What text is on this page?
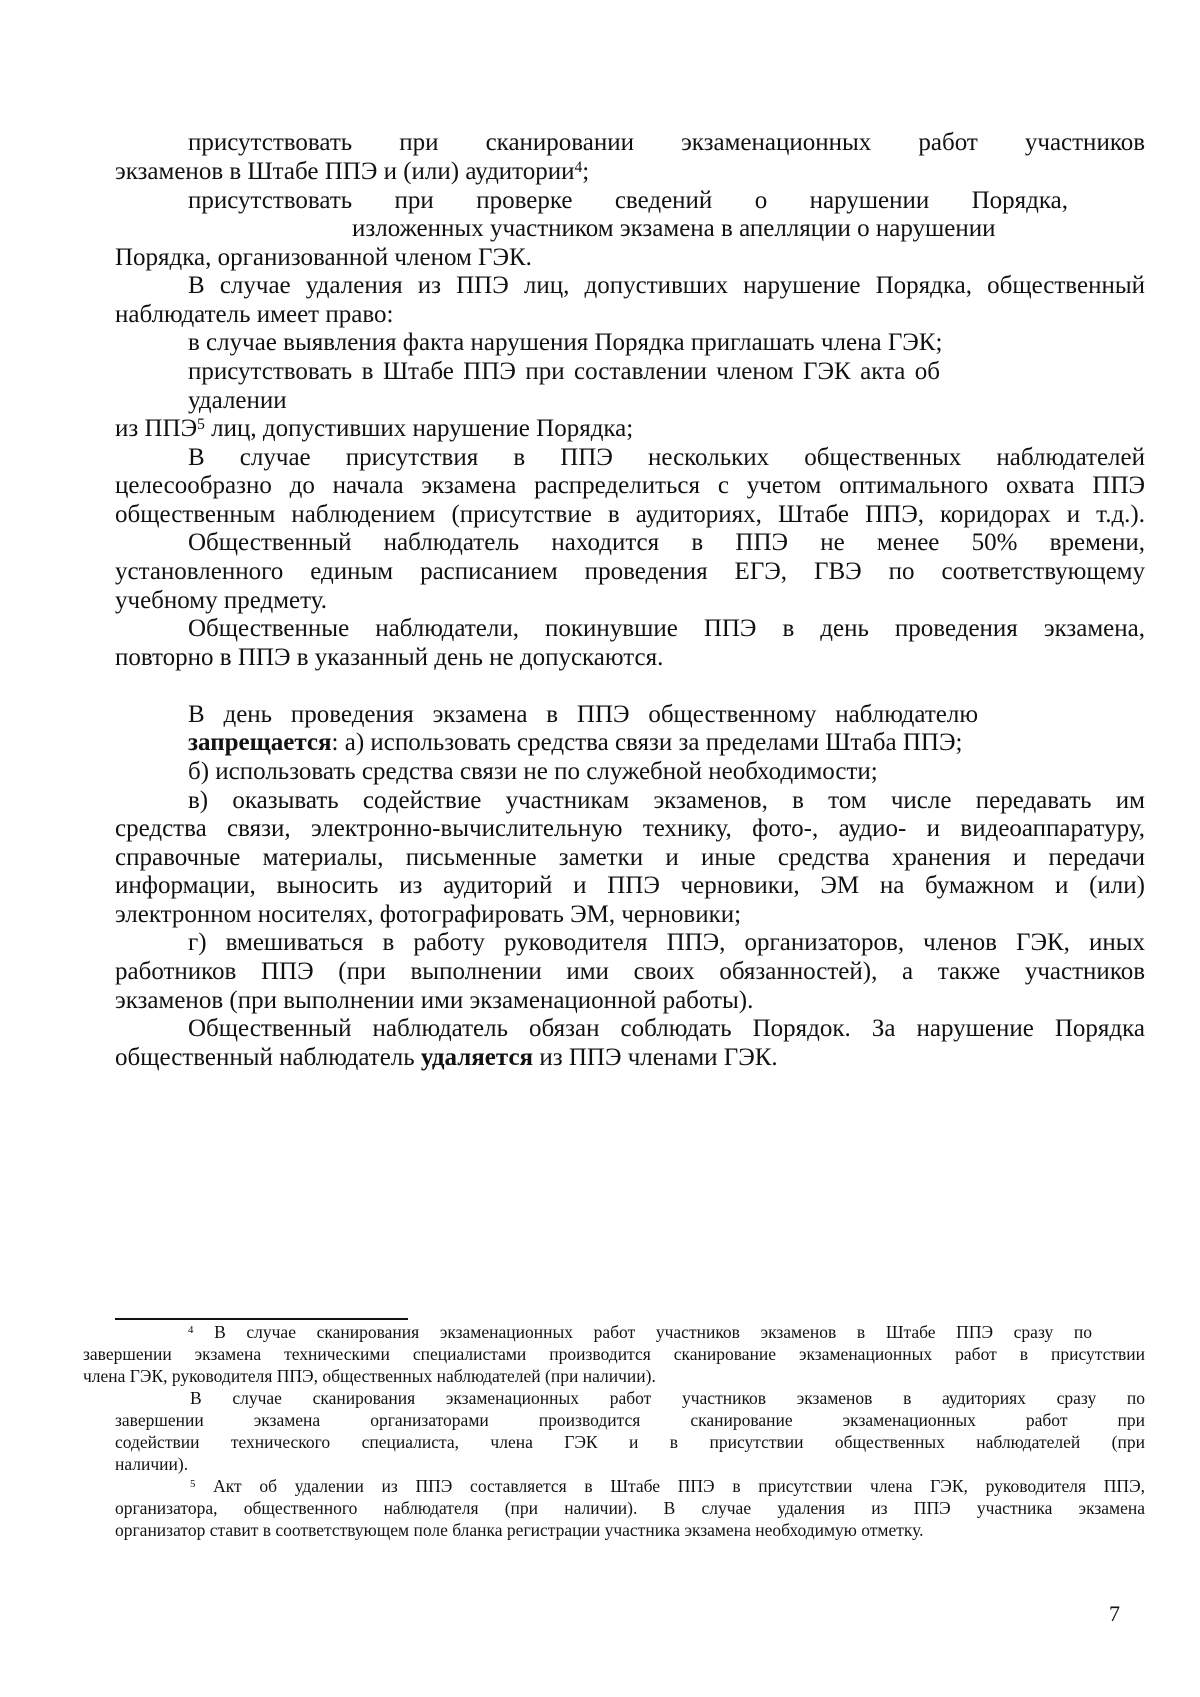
присутствовать при сканировании экзаменационных работ участников
экзаменов в Штабе ППЭ и (или) аудитории$^4$;
присутствовать при проверке сведений о нарушении Порядка,
изложенных участником экзамена в апелляции о нарушении
Порядка, организованной членом ГЭК.
В случае удаления из ППЭ лиц, допустивших нарушение Порядка, общественный
наблюдатель имеет право:
в случае выявления факта нарушения Порядка приглашать члена ГЭК;
присутствовать в Штабе ППЭ при составлении членом ГЭК акта об
удалении
из ППЭ$^5$ лиц, допустивших нарушение Порядка;
В случае присутствия в ППЭ нескольких общественных наблюдателей
целесообразно до начала экзамена распределиться с учетом оптимального охвата ППЭ
общественным наблюдением (присутствие в аудиториях, Штабе ППЭ, коридорах и т.д.).
Общественный наблюдатель находится в ППЭ не менее 50% времени,
установленного единым расписанием проведения ЕГЭ, ГВЭ по соответствующему
учебному предмету.
Общественные наблюдатели, покинувшие ППЭ в день проведения экзамена,
повторно в ППЭ в указанный день не допускаются.
В день проведения экзамена в ППЭ общественному наблюдателю
запрещается: а) использовать средства связи за пределами Штаба ППЭ;
б) использовать средства связи не по служебной необходимости;
в) оказывать содействие участникам экзаменов, в том числе передавать им
средства связи, электронно-вычислительную технику, фото-, аудио- и видеоаппаратуру,
справочные материалы, письменные заметки и иные средства хранения и передачи
информации, выносить из аудиторий и ППЭ черновики, ЭМ на бумажном и (или)
электронном носителях, фотографировать ЭМ, черновики;
г) вмешиваться в работу руководителя ППЭ, организаторов, членов ГЭК, иных
работников ППЭ (при выполнении ими своих обязанностей), а также участников
экзаменов (при выполнении ими экзаменационной работы).
Общественный наблюдатель обязан соблюдать Порядок. За нарушение Порядка
общественный наблюдатель удаляется из ППЭ членами ГЭК.
$^4$ В случае сканирования экзаменационных работ участников экзаменов в Штабе ППЭ сразу по
завершении экзамена техническими специалистами производится сканирование экзаменационных работ в присутствии
члена ГЭК, руководителя ППЭ, общественных наблюдателей (при наличии).
В случае сканирования экзаменационных работ участников экзаменов в аудиториях сразу по
завершении экзамена организаторами производится сканирование экзаменационных работ при
содействии технического специалиста, члена ГЭК и в присутствии общественных наблюдателей (при
наличии).
$^5$ Акт об удалении из ППЭ составляется в Штабе ППЭ в присутствии члена ГЭК, руководителя ППЭ,
организатора, общественного наблюдателя (при наличии). В случае удаления из ППЭ участника экзамена
организатор ставит в соответствующем поле бланка регистрации участника экзамена необходимую отметку.
7
